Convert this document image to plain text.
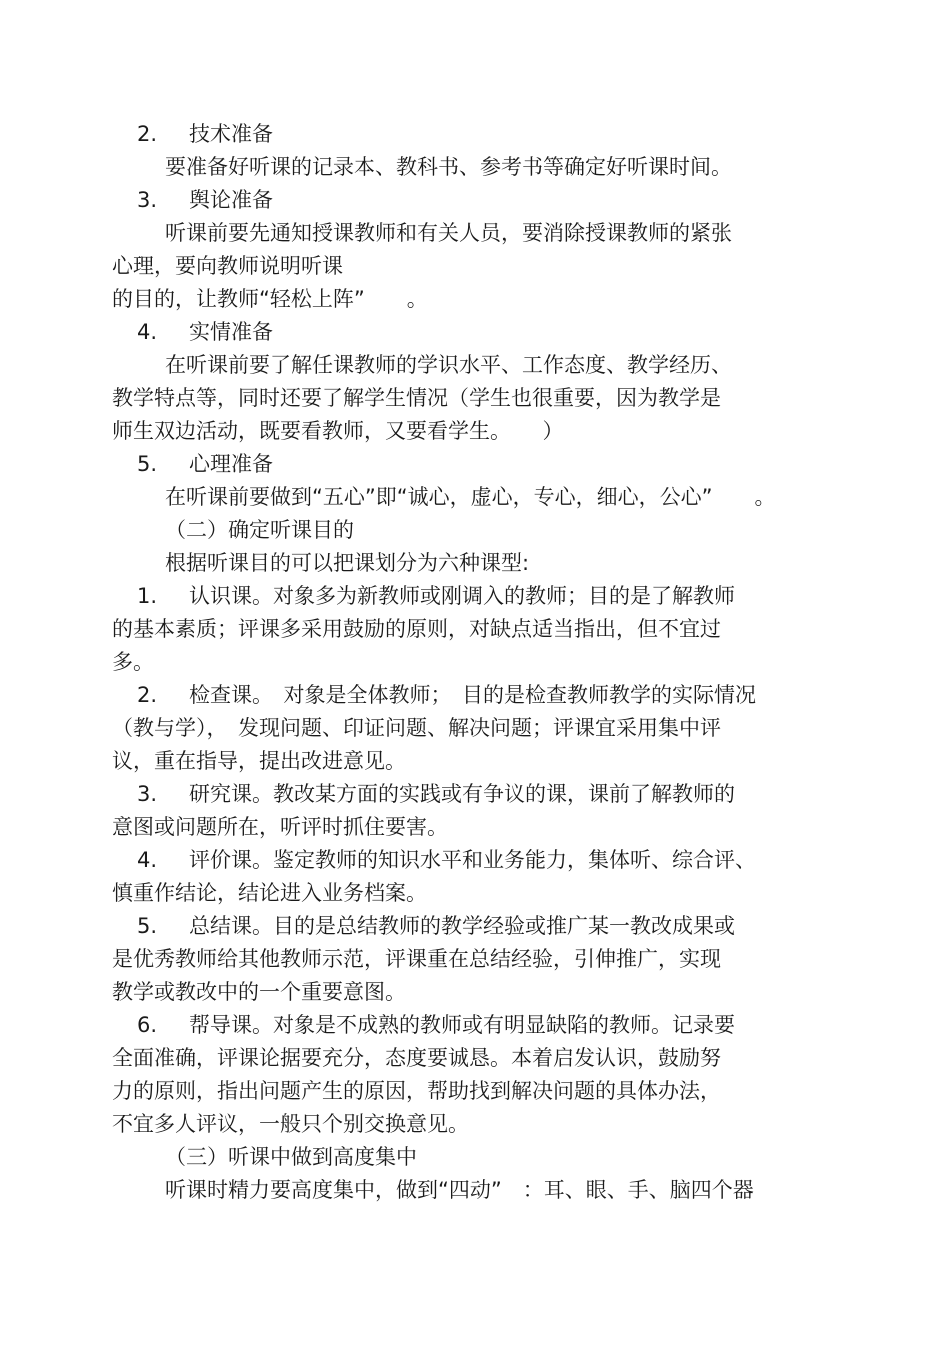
2. 技术准备
要准备好听课的记录本、教科书、参考书等确定好听课时间。
3. 舆论准备
听课前要先通知授课教师和有关人员，要消除授课教师的紧张
心理，要向教师说明听课
的目的，让教师“轻松上阵”　　。
4. 实情准备
在听课前要了解任课教师的学识水平、工作态度、教学经历、
教学特点等，同时还要了解学生情况（学生也很重要，因为教学是
师生双边活动，既要看教师，又要看学生。　　）
5. 心理准备
在听课前要做到“五心”即“诚心，虚心，专心，细心，公心”　　。
（二）确定听课目的
根据听课目的可以把课划分为六种课型:
1. 认识课。对象多为新教师或刚调入的教师；目的是了解教师
的基本素质；评课多采用鼓励的原则，对缺点适当指出，但不宜过
多。
2. 检查课。　对象是全体教师；　目的是检查教师教学的实际情况
（教与学），　发现问题、印证问题、解决问题；评课宜采用集中评
议，重在指导，提出改进意见。
3. 研究课。教改某方面的实践或有争议的课，课前了解教师的
意图或问题所在，听评时抓住要害。
4. 评价课。鉴定教师的知识水平和业务能力，集体听、综合评、
慎重作结论，结论进入业务档案。
5. 总结课。目的是总结教师的教学经验或推广某一教改成果或
是优秀教师给其他教师示范，评课重在总结经验，引伸推广，实现
教学或教改中的一个重要意图。
6. 帮导课。对象是不成熟的教师或有明显缺陷的教师。记录要
全面准确，评课论据要充分，态度要诚恳。本着启发认识，鼓励努
力的原则，指出问题产生的原因，帮助找到解决问题的具体办法，
不宜多人评议，一般只个别交换意见。
（三）听课中做到高度集中
听课时精力要高度集中，做到“四动”　：耳、眼、手、脑四个器
